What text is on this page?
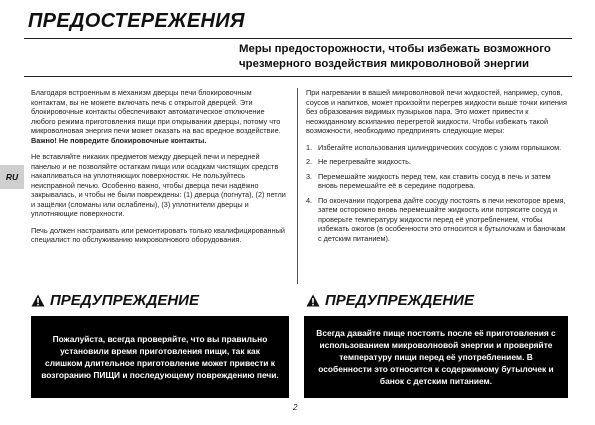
ПРЕДОСТЕРЕЖЕНИЯ
Меры предосторожности, чтобы избежать возможного
чрезмерного воздействия микроволновой энергии
RU

Благодаря встроенным в механизм дверцы печи блокировочным контактам, вы не можете включать печь с открытой дверцей. Эти блокировочные контакты обеспечивают автоматическое отключение любого режима приготовления пищи при открывании дверцы, потому что микроволновая энергия печи может оказать на вас вредное воздействие.
Важно! Не повредите блокировочные контакты.

Не вставляйте никаких предметов между дверцей печи и передней панелью и не позволяйте остаткам пищи или осадкам чистящих средств накапливаться на уплотняющих поверхностях. Не пользуйтесь неисправной печью. Особенно важно, чтобы дверца печи надёжно закрывалась, и чтобы не были повреждены: (1) дверца (погнута), (2) петли и защёлки (сломаны или ослаблены), (3) уплотнители дверцы и уплотняющие поверхности.

Печь должен настраивать или ремонтировать только квалифицированный специалист по обслуживанию микроволнового оборудования.

При нагревании в вашей микроволновой печи жидкостей, например, супов, соусов и напитков, может произойти перегрев жидкости выше точки кипения без образования видимых пузырьков пара. Это может привести к неожиданному вскипанию перегретой жидкости. Чтобы избежать такой возможности, необходимо предпринять следующие меры:

1. Избегайте использования цилиндрических сосудов с узким горлышком.
2. Не перегревайте жидкость.
3. Перемешайте жидкость перед тем, как ставить сосуд в печь и затем вновь перемешайте её в середине подогрева.
4. По окончании подогрева дайте сосуду постоять в печи некоторое время, затем осторожно вновь перемешайте жидкость или потрясите сосуд и проверьте температуру жидкости перед её употреблением, чтобы избежать ожогов (в особенности это относится к бутылочкам и баночкам с детским питанием).
ПРЕДУПРЕЖДЕНИЕ
Пожалуйста, всегда проверяйте, что вы правильно установили время приготовления пищи, так как слишком длительное приготовление может привести к возгоранию ПИЩИ и последующему повреждению печи.
ПРЕДУПРЕЖДЕНИЕ
Всегда давайте пище постоять после её приготовления с использованием микроволновой энергии и проверяйте температуру пищи перед её употреблением. В особенности это относится к содержимому бутылочек и банок с детским питанием.
2
